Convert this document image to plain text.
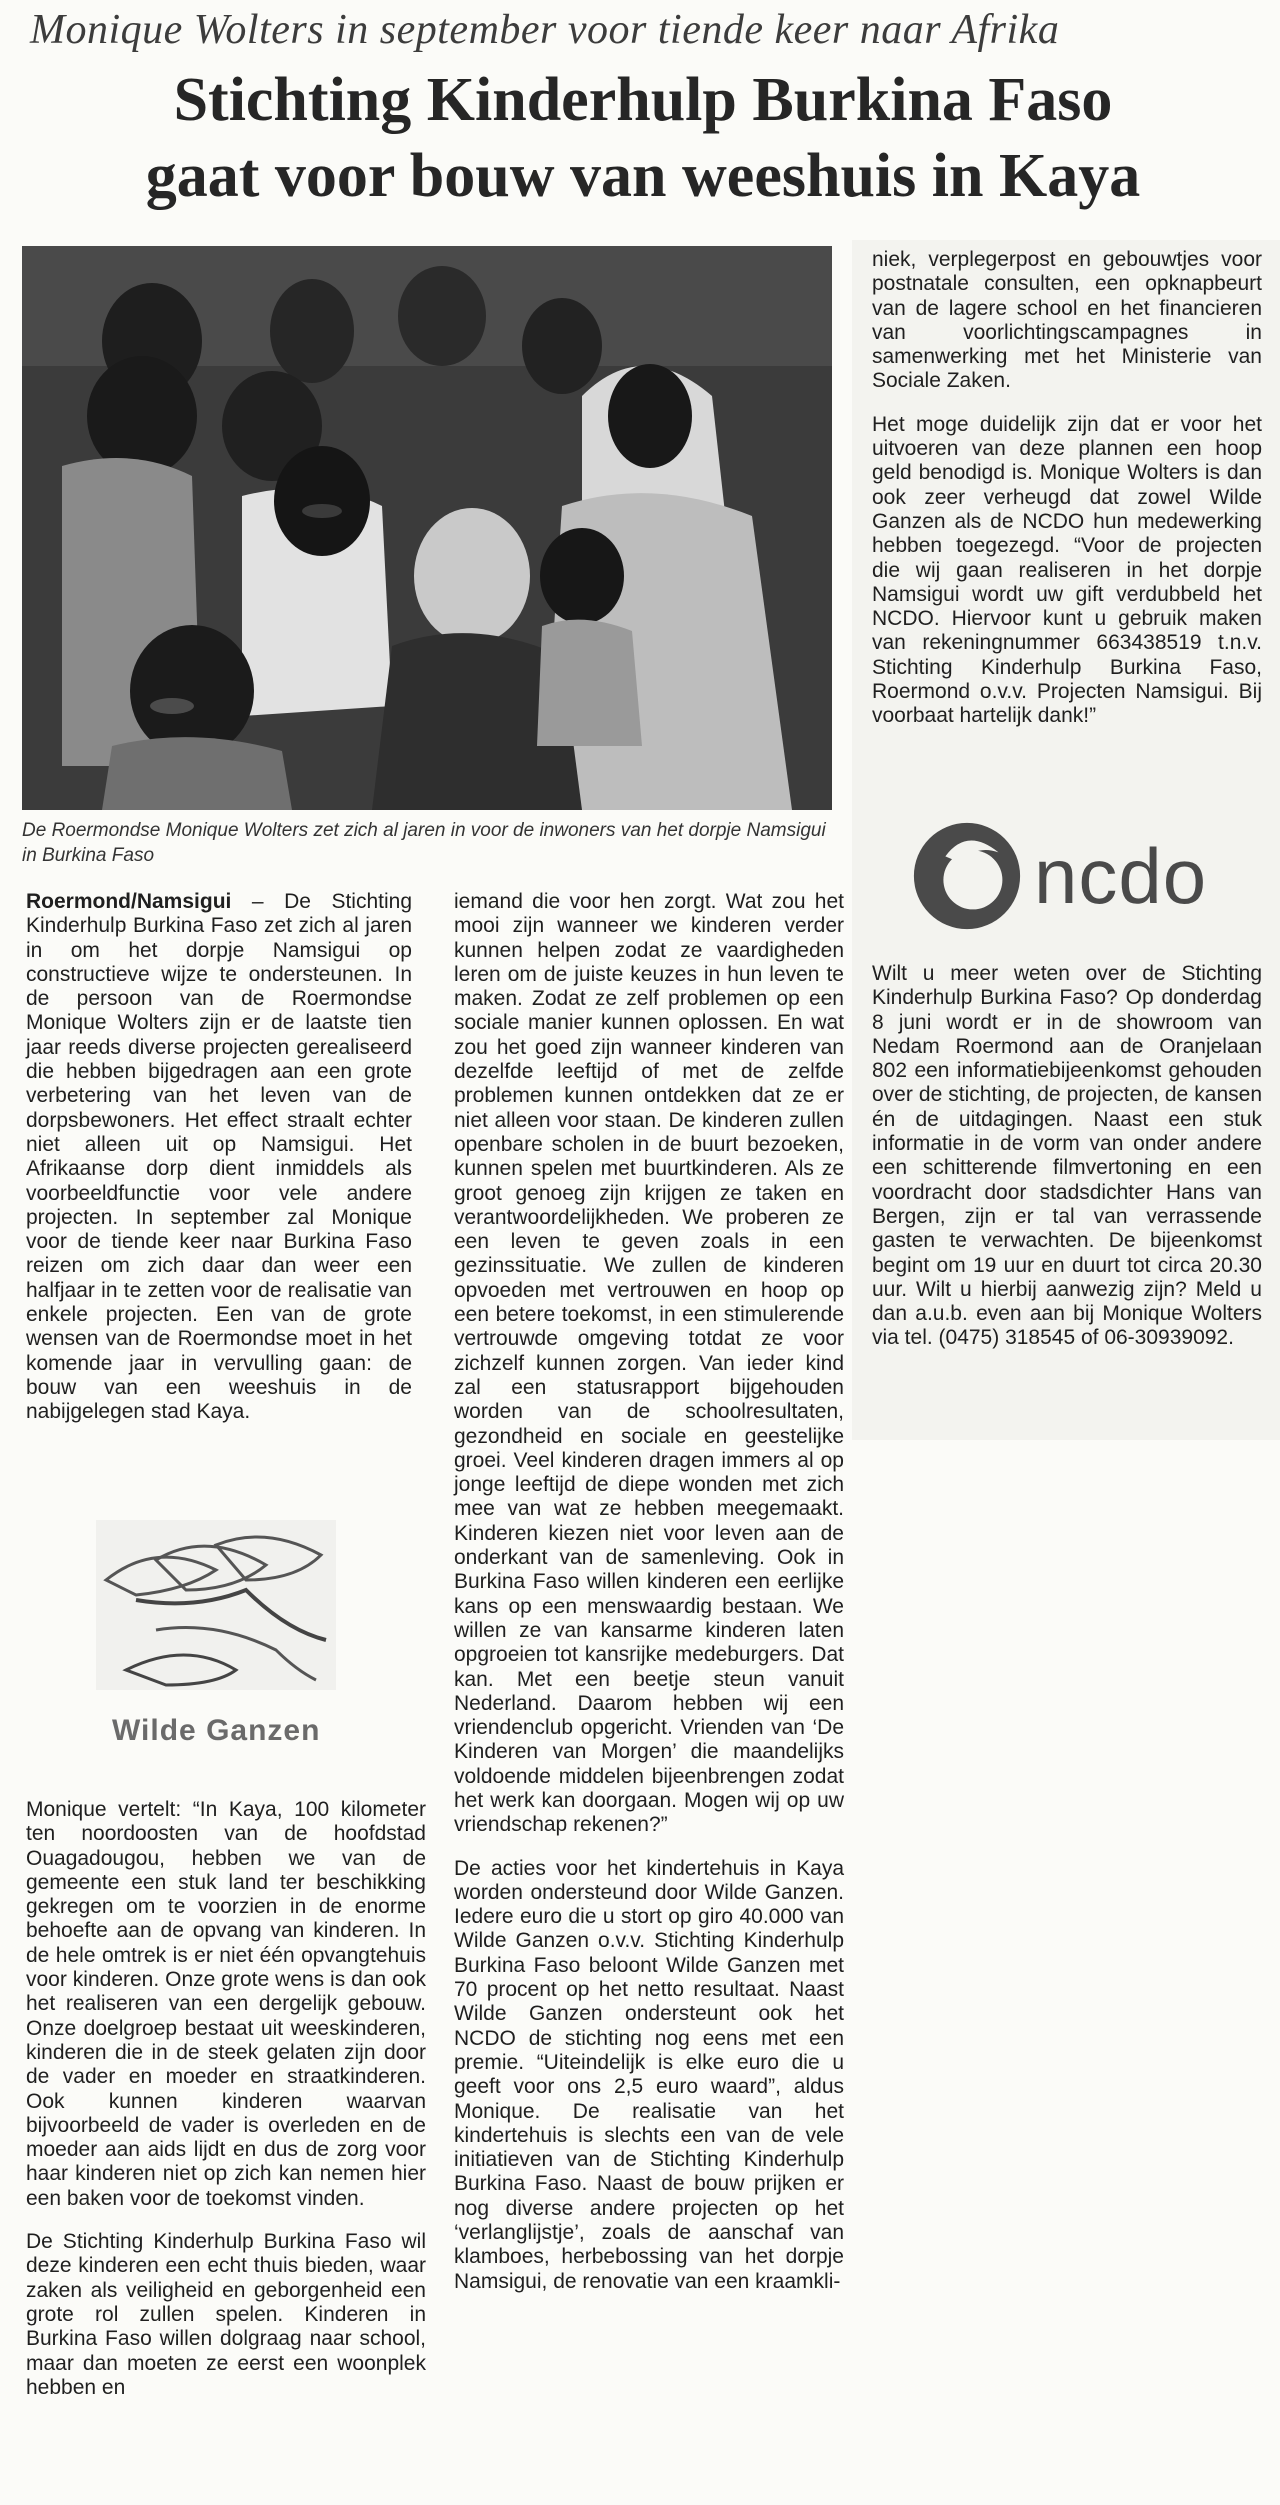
Monique Wolters in september voor tiende keer naar Afrika
Stichting Kinderhulp Burkina Faso
gaat voor bouw van weeshuis in Kaya
De Roermondse Monique Wolters zet zich al jaren in voor de inwoners van het dorpje Namsigui in Burkina Faso

Roermond/Namsigui – De Stichting Kinderhulp Burkina Faso zet zich al jaren in om het dorpje Namsigui op constructieve wijze te ondersteunen. In de persoon van de Roermondse Monique Wolters zijn er de laatste tien jaar reeds diverse projecten gerealiseerd die hebben bijgedragen aan een grote verbetering van het leven van de dorpsbewoners. Het effect straalt echter niet alleen uit op Namsigui. Het Afrikaanse dorp dient inmiddels als voorbeeldfunctie voor vele andere projecten. In september zal Monique voor de tiende keer naar Burkina Faso reizen om zich daar dan weer een halfjaar in te zetten voor de realisatie van enkele projecten. Een van de grote wensen van de Roermondse moet in het komende jaar in vervulling gaan: de bouw van een weeshuis in de nabijgelegen stad Kaya.

Wilde Ganzen

Monique vertelt: “In Kaya, 100 kilometer ten noordoosten van de hoofdstad Ouagadougou, hebben we van de gemeente een stuk land ter beschikking gekregen om te voorzien in de enorme behoefte aan de opvang van kinderen. In de hele omtrek is er niet één opvangtehuis voor kinderen. Onze grote wens is dan ook het realiseren van een dergelijk gebouw. Onze doelgroep bestaat uit weeskinderen, kinderen die in de steek gelaten zijn door de vader en moeder en straatkinderen. Ook kunnen kinderen waarvan bijvoorbeeld de vader is overleden en de moeder aan aids lijdt en dus de zorg voor haar kinderen niet op zich kan nemen hier een baken voor de toekomst vinden.

De Stichting Kinderhulp Burkina Faso wil deze kinderen een echt thuis bieden, waar zaken als veiligheid en geborgenheid een grote rol zullen spelen. Kinderen in Burkina Faso willen dolgraag naar school, maar dan moeten ze eerst een woonplek hebben en

iemand die voor hen zorgt. Wat zou het mooi zijn wanneer we kinderen verder kunnen helpen zodat ze vaardigheden leren om de juiste keuzes in hun leven te maken. Zodat ze zelf problemen op een sociale manier kunnen oplossen. En wat zou het goed zijn wanneer kinderen van dezelfde leeftijd of met de zelfde problemen kunnen ontdekken dat ze er niet alleen voor staan. De kinderen zullen openbare scholen in de buurt bezoeken, kunnen spelen met buurtkinderen. Als ze groot genoeg zijn krijgen ze taken en verantwoordelijkheden. We proberen ze een leven te geven zoals in een gezinssituatie. We zullen de kinderen opvoeden met vertrouwen en hoop op een betere toekomst, in een stimulerende vertrouwde omgeving totdat ze voor zichzelf kunnen zorgen. Van ieder kind zal een statusrapport bijgehouden worden van de schoolresultaten, gezondheid en sociale en geestelijke groei. Veel kinderen dragen immers al op jonge leeftijd de diepe wonden met zich mee van wat ze hebben meegemaakt. Kinderen kiezen niet voor leven aan de onderkant van de samenleving. Ook in Burkina Faso willen kinderen een eerlijke kans op een menswaardig bestaan. We willen ze van kansarme kinderen laten opgroeien tot kansrijke medeburgers. Dat kan. Met een beetje steun vanuit Nederland. Daarom hebben wij een vriendenclub opgericht. Vrienden van ‘De Kinderen van Morgen’ die maandelijks voldoende middelen bijeenbrengen zodat het werk kan doorgaan. Mogen wij op uw vriendschap rekenen?”

De acties voor het kindertehuis in Kaya worden ondersteund door Wilde Ganzen. Iedere euro die u stort op giro 40.000 van Wilde Ganzen o.v.v. Stichting Kinderhulp Burkina Faso beloont Wilde Ganzen met 70 procent op het netto resultaat. Naast Wilde Ganzen ondersteunt ook het NCDO de stichting nog eens met een premie. “Uiteindelijk is elke euro die u geeft voor ons 2,5 euro waard”, aldus Monique. De realisatie van het kindertehuis is slechts een van de vele initiatieven van de Stichting Kinderhulp Burkina Faso. Naast de bouw prijken er nog diverse andere projecten op het ‘verlanglijstje’, zoals de aanschaf van klamboes, herbebossing van het dorpje Namsigui, de renovatie van een kraamkli-

niek, verplegerpost en gebouwtjes voor postnatale consulten, een opknapbeurt van de lagere school en het financieren van voorlichtingscampagnes in samenwerking met het Ministerie van Sociale Zaken.

Het moge duidelijk zijn dat er voor het uitvoeren van deze plannen een hoop geld benodigd is. Monique Wolters is dan ook zeer verheugd dat zowel Wilde Ganzen als de NCDO hun medewerking hebben toegezegd. “Voor de projecten die wij gaan realiseren in het dorpje Namsigui wordt uw gift verdubbeld het NCDO. Hiervoor kunt u gebruik maken van rekeningnummer 663438519 t.n.v. Stichting Kinderhulp Burkina Faso, Roermond o.v.v. Projecten Namsigui. Bij voorbaat hartelijk dank!”

ncdo

Wilt u meer weten over de Stichting Kinderhulp Burkina Faso? Op donderdag 8 juni wordt er in de showroom van Nedam Roermond aan de Oranjelaan 802 een informatiebijeenkomst gehouden over de stichting, de projecten, de kansen én de uitdagingen. Naast een stuk informatie in de vorm van onder andere een schitterende filmvertoning en een voordracht door stadsdichter Hans van Bergen, zijn er tal van verrassende gasten te verwachten. De bijeenkomst begint om 19 uur en duurt tot circa 20.30 uur. Wilt u hierbij aanwezig zijn? Meld u dan a.u.b. even aan bij Monique Wolters via tel. (0475) 318545 of 06-30939092.
